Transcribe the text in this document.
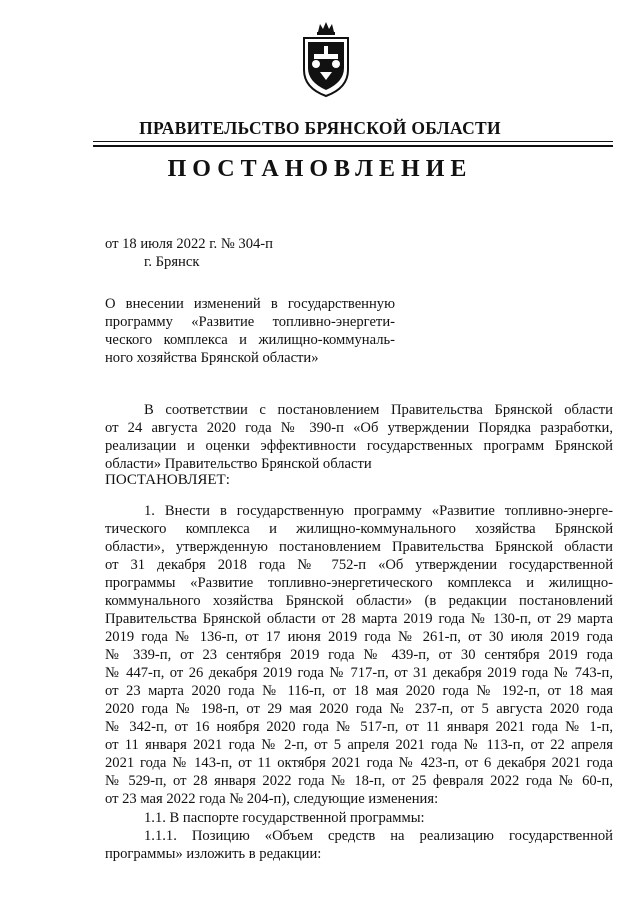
ПРАВИТЕЛЬСТВО БРЯНСКОЙ ОБЛАСТИ
ПОСТАНОВЛЕНИЕ
от 18 июля 2022 г. № 304-п
г. Брянск
О внесении изменений в государственную
программу «Развитие топливно-энергети-
ческого комплекса и жилищно-коммуналь-
ного хозяйства Брянской области»
В соответствии с постановлением Правительства Брянской области
от 24 августа 2020 года № 390-п «Об утверждении Порядка разработки,
реализации и оценки эффективности государственных программ Брянской
области» Правительство Брянской области
ПОСТАНОВЛЯЕТ:
1. Внести в государственную программу «Развитие топливно-энерге-
тического комплекса и жилищно-коммунального хозяйства Брянской
области», утвержденную постановлением Правительства Брянской области
от 31 декабря 2018 года № 752-п «Об утверждении государственной
программы «Развитие топливно-энергетического комплекса и жилищно-
коммунального хозяйства Брянской области» (в редакции постановлений
Правительства Брянской области от 28 марта 2019 года № 130-п, от 29 марта
2019 года № 136-п, от 17 июня 2019 года № 261-п, от 30 июля 2019 года
№ 339-п, от 23 сентября 2019 года № 439-п, от 30 сентября 2019 года
№ 447-п, от 26 декабря 2019 года № 717-п, от 31 декабря 2019 года № 743-п,
от 23 марта 2020 года № 116-п, от 18 мая 2020 года № 192-п, от 18 мая
2020 года № 198-п, от 29 мая 2020 года № 237-п, от 5 августа 2020 года
№ 342-п, от 16 ноября 2020 года № 517-п, от 11 января 2021 года № 1-п,
от 11 января 2021 года № 2-п, от 5 апреля 2021 года № 113-п, от 22 апреля
2021 года № 143-п, от 11 октября 2021 года № 423-п, от 6 декабря 2021 года
№ 529-п, от 28 января 2022 года № 18-п, от 25 февраля 2022 года № 60-п,
от 23 мая 2022 года № 204-п), следующие изменения:
1.1. В паспорте государственной программы:
1.1.1. Позицию «Объем средств на реализацию государственной
программы» изложить в редакции:
